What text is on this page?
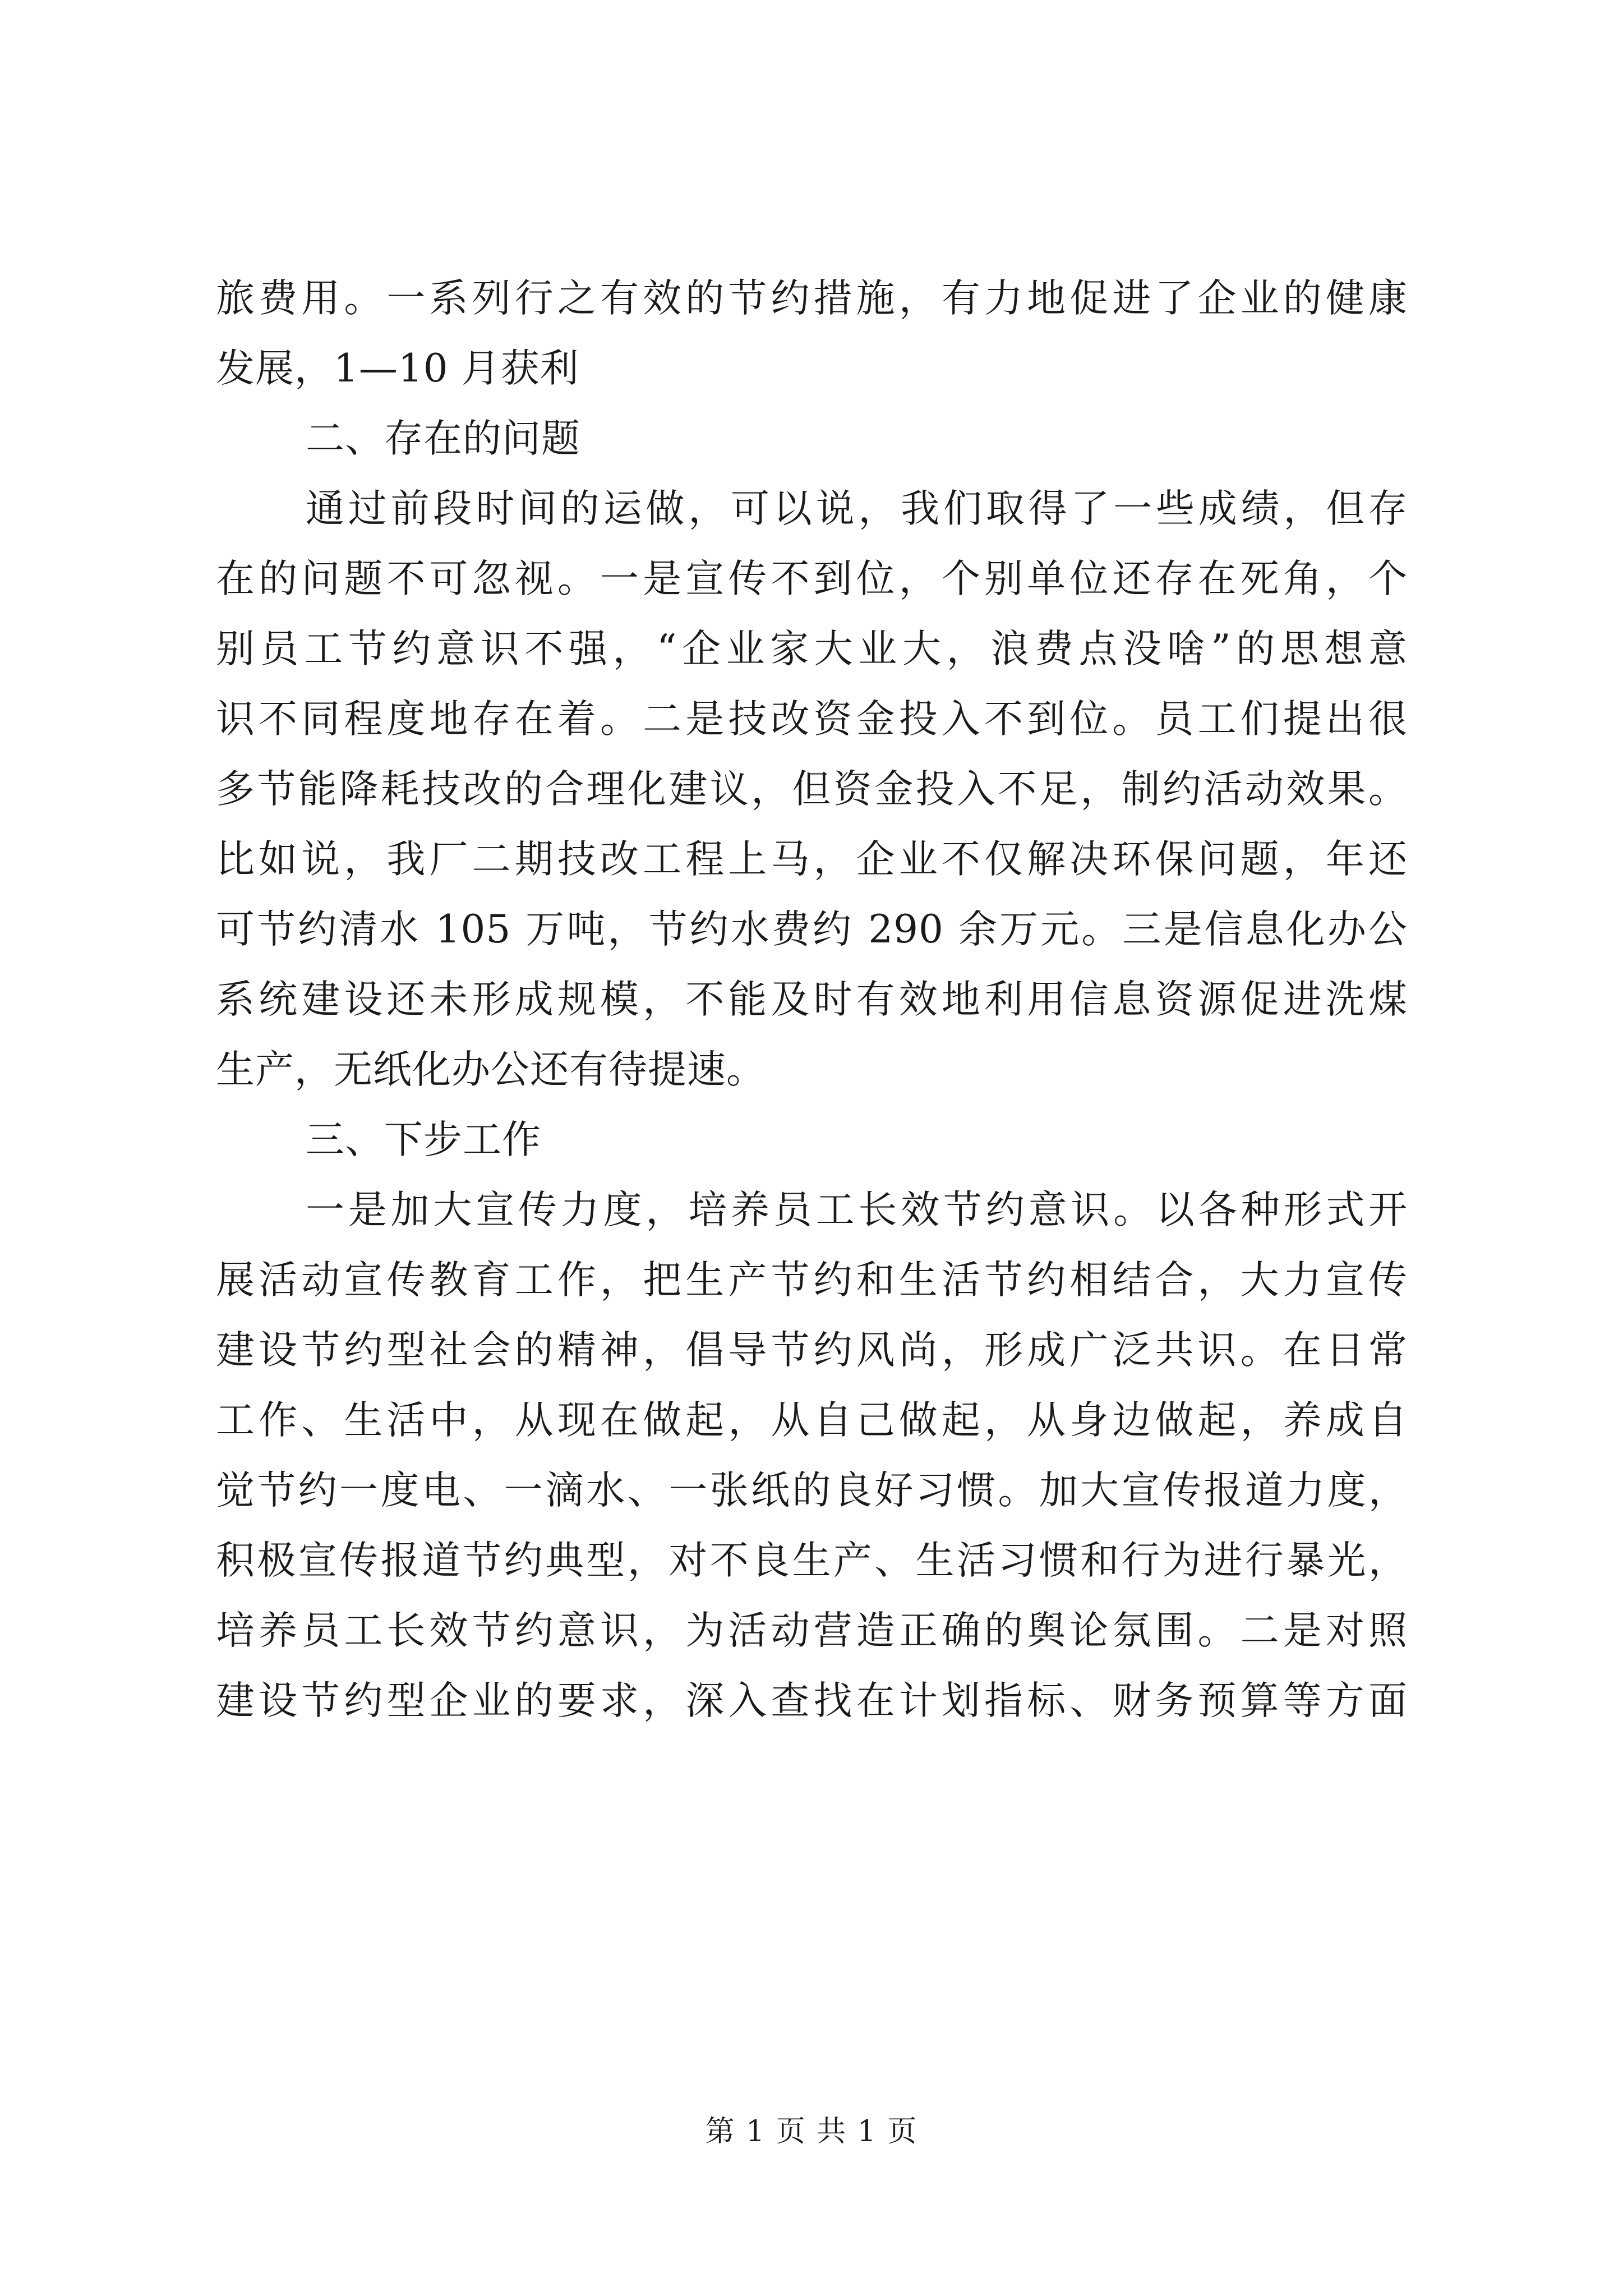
旅费用。一系列行之有效的节约措施，有力地促进了企业的健康
发展，1—10 月获利
二、存在的问题
通过前段时间的运做，可以说，我们取得了一些成绩，但存
在的问题不可忽视。一是宣传不到位，个别单位还存在死角，个
别员工节约意识不强，“企业家大业大，浪费点没啥”的思想意
识不同程度地存在着。二是技改资金投入不到位。员工们提出很
多节能降耗技改的合理化建议，但资金投入不足，制约活动效果。
比如说，我厂二期技改工程上马，企业不仅解决环保问题，年还
可节约清水 105 万吨，节约水费约 290 余万元。三是信息化办公
系统建设还未形成规模，不能及时有效地利用信息资源促进洗煤
生产，无纸化办公还有待提速。
三、下步工作
一是加大宣传力度，培养员工长效节约意识。以各种形式开
展活动宣传教育工作，把生产节约和生活节约相结合，大力宣传
建设节约型社会的精神，倡导节约风尚，形成广泛共识。在日常
工作、生活中，从现在做起，从自己做起，从身边做起，养成自
觉节约一度电、一滴水、一张纸的良好习惯。加大宣传报道力度，
积极宣传报道节约典型，对不良生产、生活习惯和行为进行暴光，
培养员工长效节约意识，为活动营造正确的舆论氛围。二是对照
建设节约型企业的要求，深入查找在计划指标、财务预算等方面
第 1 页 共 1 页
